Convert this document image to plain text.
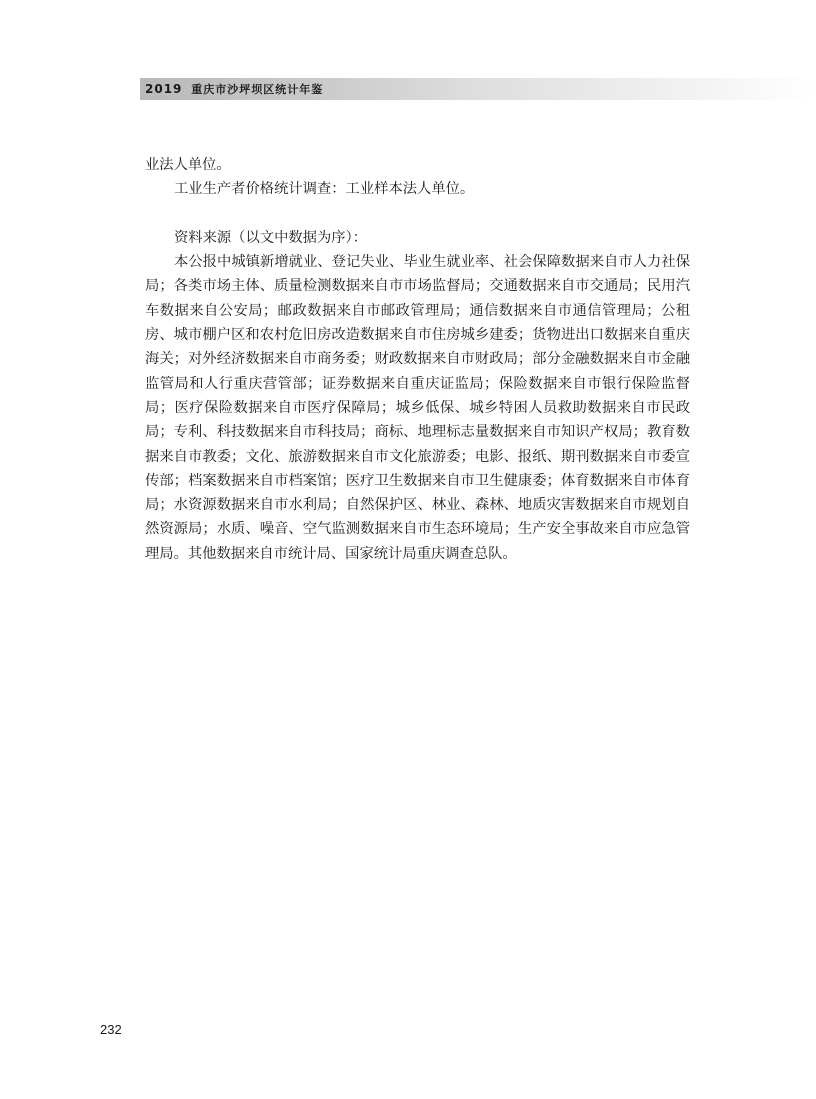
2019 重庆市沙坪坝区统计年鉴

业法人单位。

工业生产者价格统计调查：工业样本法人单位。

资料来源（以文中数据为序）：

本公报中城镇新增就业、登记失业、毕业生就业率、社会保障数据来自市人力社保局；各类市场主体、质量检测数据来自市市场监督局；交通数据来自市交通局；民用汽车数据来自公安局；邮政数据来自市邮政管理局；通信数据来自市通信管理局；公租房、城市棚户区和农村危旧房改造数据来自市住房城乡建委；货物进出口数据来自重庆海关；对外经济数据来自市商务委；财政数据来自市财政局；部分金融数据来自市金融监管局和人行重庆营管部；证券数据来自重庆证监局；保险数据来自市银行保险监督局；医疗保险数据来自市医疗保障局；城乡低保、城乡特困人员救助数据来自市民政局；专利、科技数据来自市科技局；商标、地理标志量数据来自市知识产权局；教育数据来自市教委；文化、旅游数据来自市文化旅游委；电影、报纸、期刊数据来自市委宣传部；档案数据来自市档案馆；医疗卫生数据来自市卫生健康委；体育数据来自市体育局；水资源数据来自市水利局；自然保护区、林业、森林、地质灾害数据来自市规划自然资源局；水质、噪音、空气监测数据来自市生态环境局；生产安全事故来自市应急管理局。其他数据来自市统计局、国家统计局重庆调查总队。

232
